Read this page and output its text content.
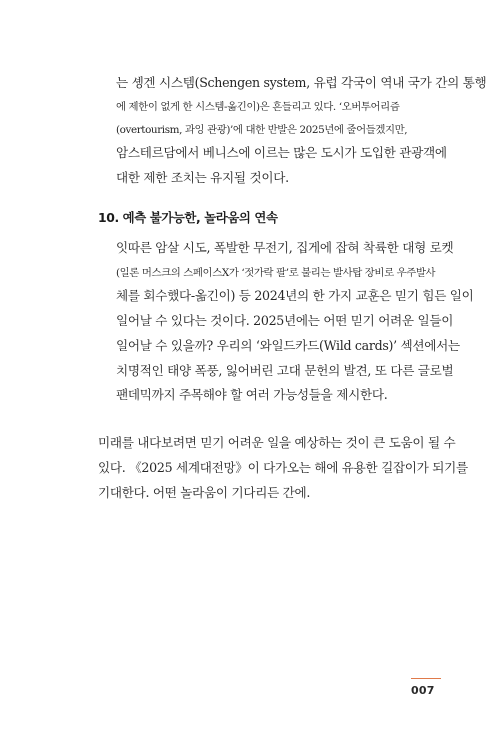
는 솅겐 시스템(Schengen system, 유럽 각국이 역내 국가 간의 통행
에 제한이 없게 한 시스템-옮긴이)은 흔들리고 있다. ‘오버투어리즘
(overtourism, 과잉 관광)’에 대한 반발은 2025년에 줄어들겠지만,
암스테르담에서 베니스에 이르는 많은 도시가 도입한 관광객에
대한 제한 조치는 유지될 것이다.
10. 예측 불가능한, 놀라움의 연속
잇따른 암살 시도, 폭발한 무전기, 집게에 잡혀 착륙한 대형 로켓
(일론 머스크의 스페이스X가 ‘젓가락 팔’로 불리는 발사탑 장비로 우주발사
체를 회수했다-옮긴이) 등 2024년의 한 가지 교훈은 믿기 힘든 일이
일어날 수 있다는 것이다. 2025년에는 어떤 믿기 어려운 일들이
일어날 수 있을까? 우리의 ‘와일드카드(Wild cards)’ 섹션에서는
치명적인 태양 폭풍, 잃어버린 고대 문헌의 발견, 또 다른 글로벌
팬데믹까지 주목해야 할 여러 가능성들을 제시한다.
미래를 내다보려면 믿기 어려운 일을 예상하는 것이 큰 도움이 될 수
있다. 《2025 세계대전망》이 다가오는 해에 유용한 길잡이가 되기를
기대한다. 어떤 놀라움이 기다리든 간에.
007
